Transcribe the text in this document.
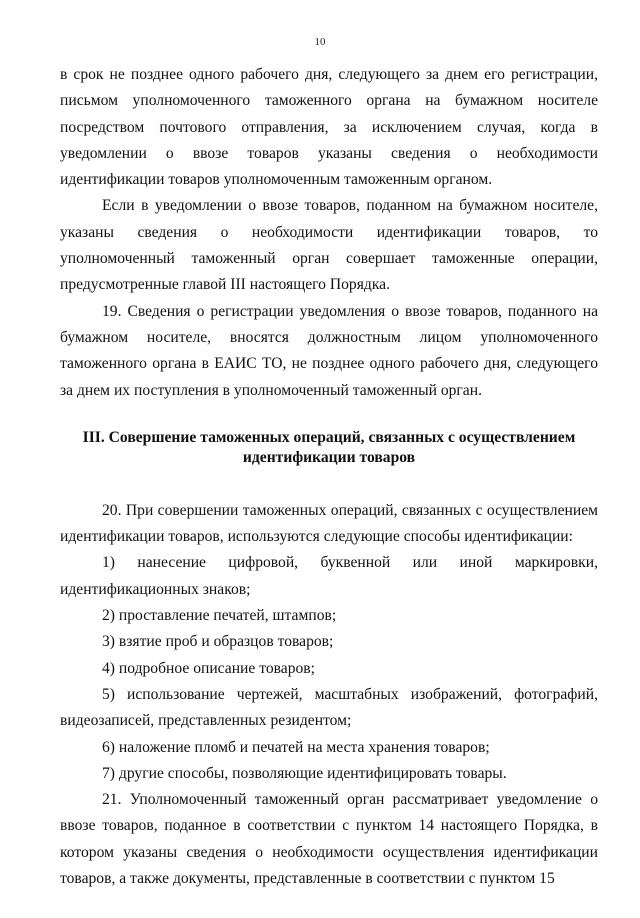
10

в срок не позднее одного рабочего дня, следующего за днем его регистрации, письмом уполномоченного таможенного органа на бумажном носителе посредством почтового отправления, за исключением случая, когда в уведомлении о ввозе товаров указаны сведения о необходимости идентификации товаров уполномоченным таможенным органом.

Если в уведомлении о ввозе товаров, поданном на бумажном носителе, указаны сведения о необходимости идентификации товаров, то уполномоченный таможенный орган совершает таможенные операции, предусмотренные главой III настоящего Порядка.

19. Сведения о регистрации уведомления о ввозе товаров, поданного на бумажном носителе, вносятся должностным лицом уполномоченного таможенного органа в ЕАИС ТО, не позднее одного рабочего дня, следующего за днем их поступления в уполномоченный таможенный орган.

III. Совершение таможенных операций, связанных с осуществлением идентификации товаров

20. При совершении таможенных операций, связанных с осуществлением идентификации товаров, используются следующие способы идентификации:

1) нанесение цифровой, буквенной или иной маркировки, идентификационных знаков;

2) проставление печатей, штампов;

3) взятие проб и образцов товаров;

4) подробное описание товаров;

5) использование чертежей, масштабных изображений, фотографий, видеозаписей, представленных резидентом;

6) наложение пломб и печатей на места хранения товаров;

7) другие способы, позволяющие идентифицировать товары.

21. Уполномоченный таможенный орган рассматривает уведомление о ввозе товаров, поданное в соответствии с пунктом 14 настоящего Порядка, в котором указаны сведения о необходимости осуществления идентификации товаров, а также документы, представленные в соответствии с пунктом 15
